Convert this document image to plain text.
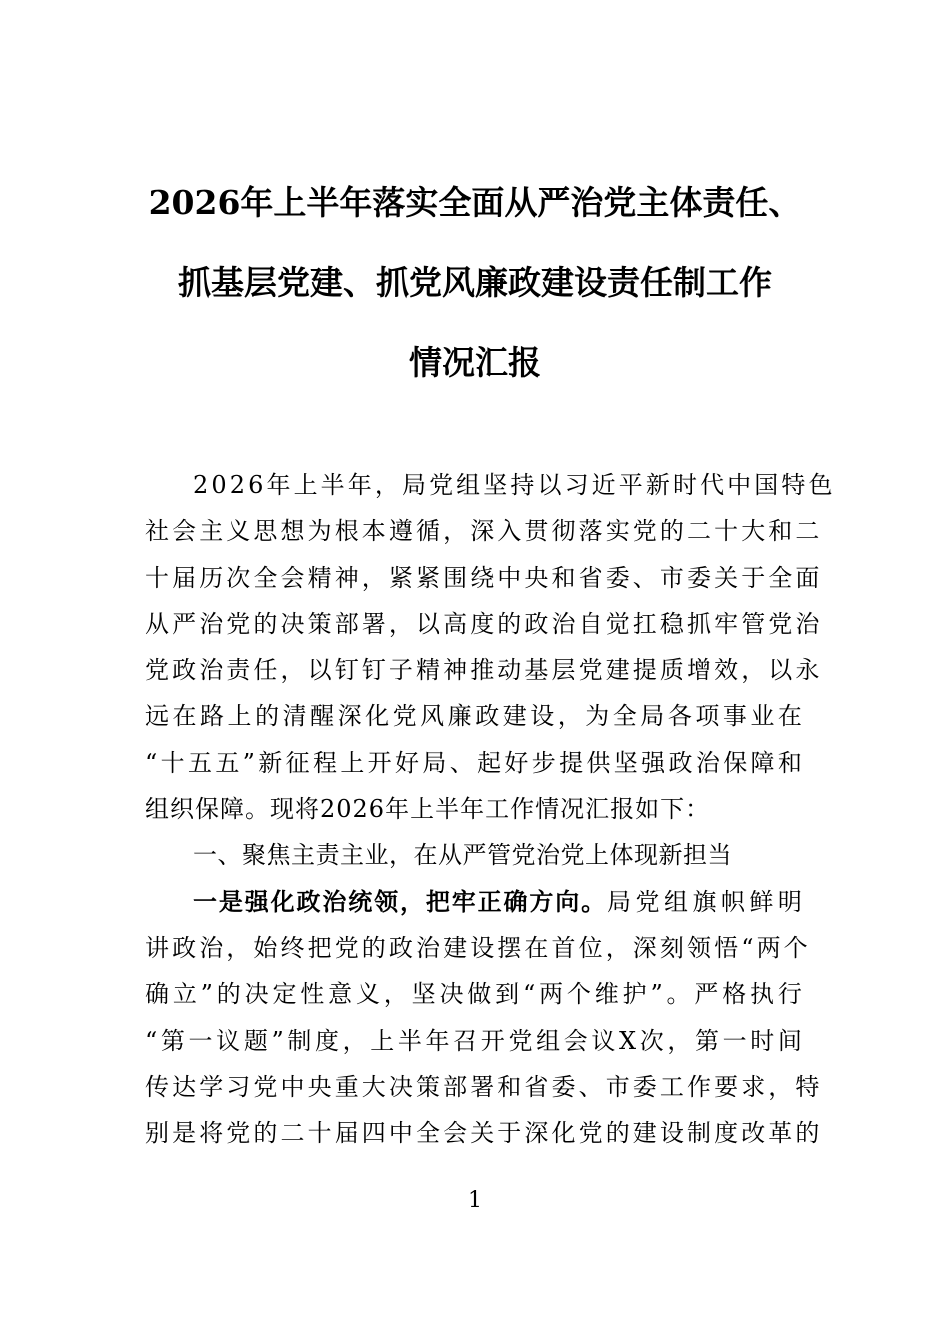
2026年上半年落实全面从严治党主体责任、
抓基层党建、抓党风廉政建设责任制工作
情况汇报
2026年上半年，局党组坚持以习近平新时代中国特色
社会主义思想为根本遵循，深入贯彻落实党的二十大和二
十届历次全会精神，紧紧围绕中央和省委、市委关于全面
从严治党的决策部署，以高度的政治自觉扛稳抓牢管党治
党政治责任，以钉钉子精神推动基层党建提质增效，以永
远在路上的清醒深化党风廉政建设，为全局各项事业在
“十五五”新征程上开好局、起好步提供坚强政治保障和
组织保障。现将2026年上半年工作情况汇报如下：
一、聚焦主责主业，在从严管党治党上体现新担当
一是强化政治统领，把牢正确方向。局党组旗帜鲜明
讲政治，始终把党的政治建设摆在首位，深刻领悟“两个
确立”的决定性意义，坚决做到“两个维护”。严格执行
“第一议题”制度，上半年召开党组会议X次，第一时间
传达学习党中央重大决策部署和省委、市委工作要求，特
别是将党的二十届四中全会关于深化党的建设制度改革的
1
